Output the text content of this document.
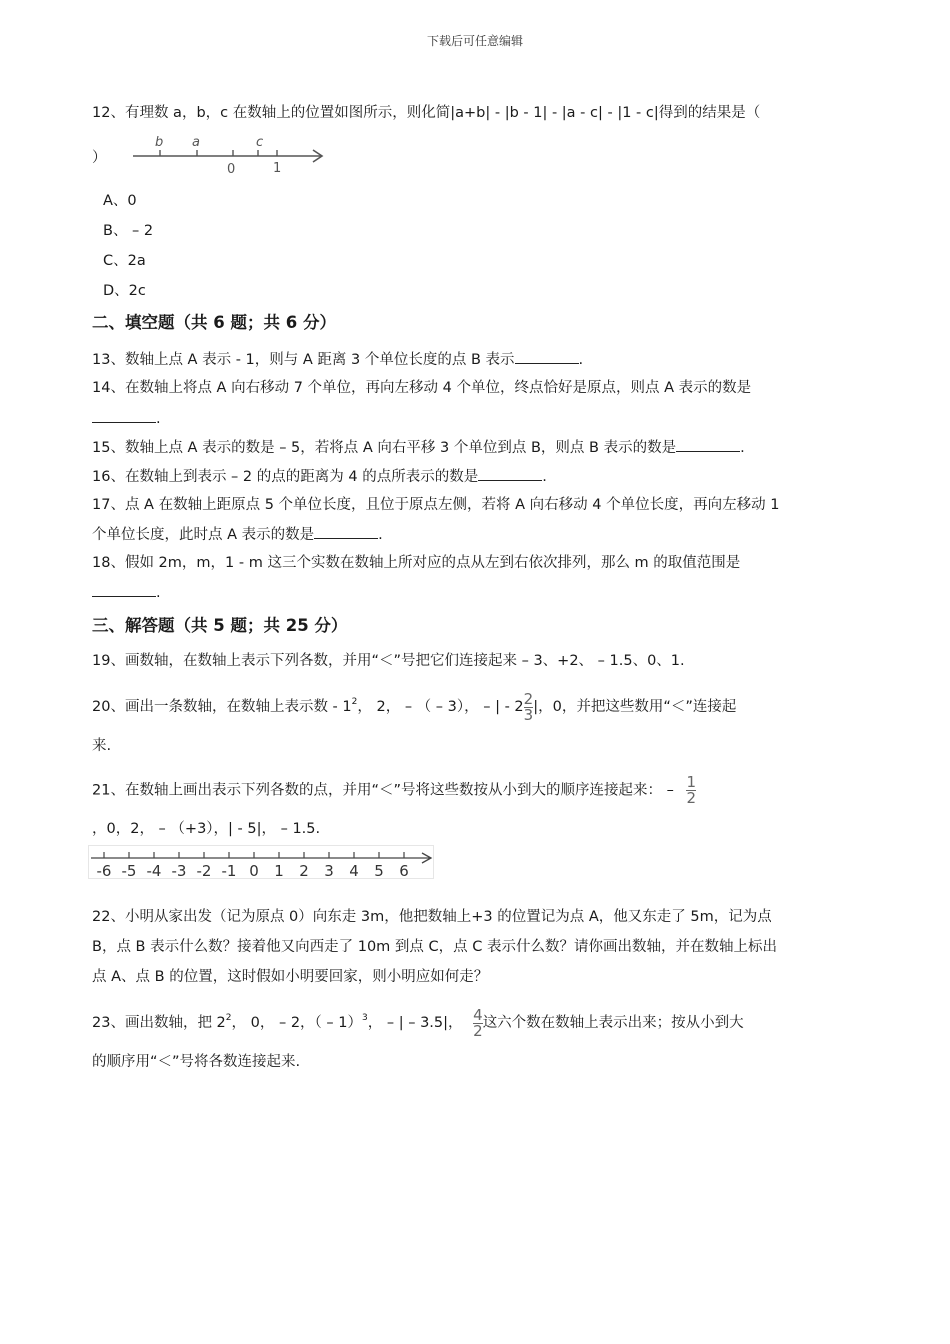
下载后可任意编辑
12、有理数 a，b，c 在数轴上的位置如图所示，则化简|a+b| - |b - 1| - |a - c| - |1 - c|得到的结果是（
）
b a	c
0	1
A、0
B、 – 2
C、2a
D、2c
二、填空题（共 6 题；共 6 分）
13、数轴上点 A 表示 - 1，则与 A 距离 3 个单位长度的点 B 表示	.
14、在数轴上将点 A 向右移动 7 个单位，再向左移动 4 个单位，终点恰好是原点，则点 A 表示的数是
.
15、数轴上点 A 表示的数是 – 5，若将点 A 向右平移 3 个单位到点 B，则点 B 表示的数是	.
16、在数轴上到表示 – 2 的点的距离为 4 的点所表示的数是	.
17、点 A 在数轴上距原点 5 个单位长度，且位于原点左侧，若将 A 向右移动 4 个单位长度，再向左移动 1
个单位长度，此时点 A 表示的数是	.
18、假如 2m，m，1 - m 这三个实数在数轴上所对应的点从左到右依次排列，那么 m 的取值范围是
.
三、解答题（共 5 题；共 25 分）
19、画数轴，在数轴上表示下列各数，并用“＜”号把它们连接起来 – 3、+2、 – 1.5、0、1.
20、画出一条数轴，在数轴上表示数 - $1^2$， 2， – （ – 3）， – | - $2\frac{2}{3}|$，0，并把这些数用“＜”连接起
来.
21、在数轴上画出表示下列各数的点，并用“＜”号将这些数按从小到大的顺序连接起来： – $\frac{1}{2}$
，0，2， – （+3），| - 5|， – 1.5.
-6 -5 -4 -3 -2 -1 0 1 2 3 4 5 6
22、小明从家出发（记为原点 0）向东走 3m，他把数轴上+3 的位置记为点 A，他又东走了 5m，记为点
B，点 B 表示什么数？接着他又向西走了 10m 到点 C，点 C 表示什么数？请你画出数轴，并在数轴上标出
点 A、点 B 的位置，这时假如小明要回家，则小明应如何走？
23、画出数轴，把 $2^2$， 0， – 2，（ – 1）$^3$， – | – 3.5|， $\frac{4}{2}$这六个数在数轴上表示出来；按从小到大
的顺序用“＜”号将各数连接起来.
